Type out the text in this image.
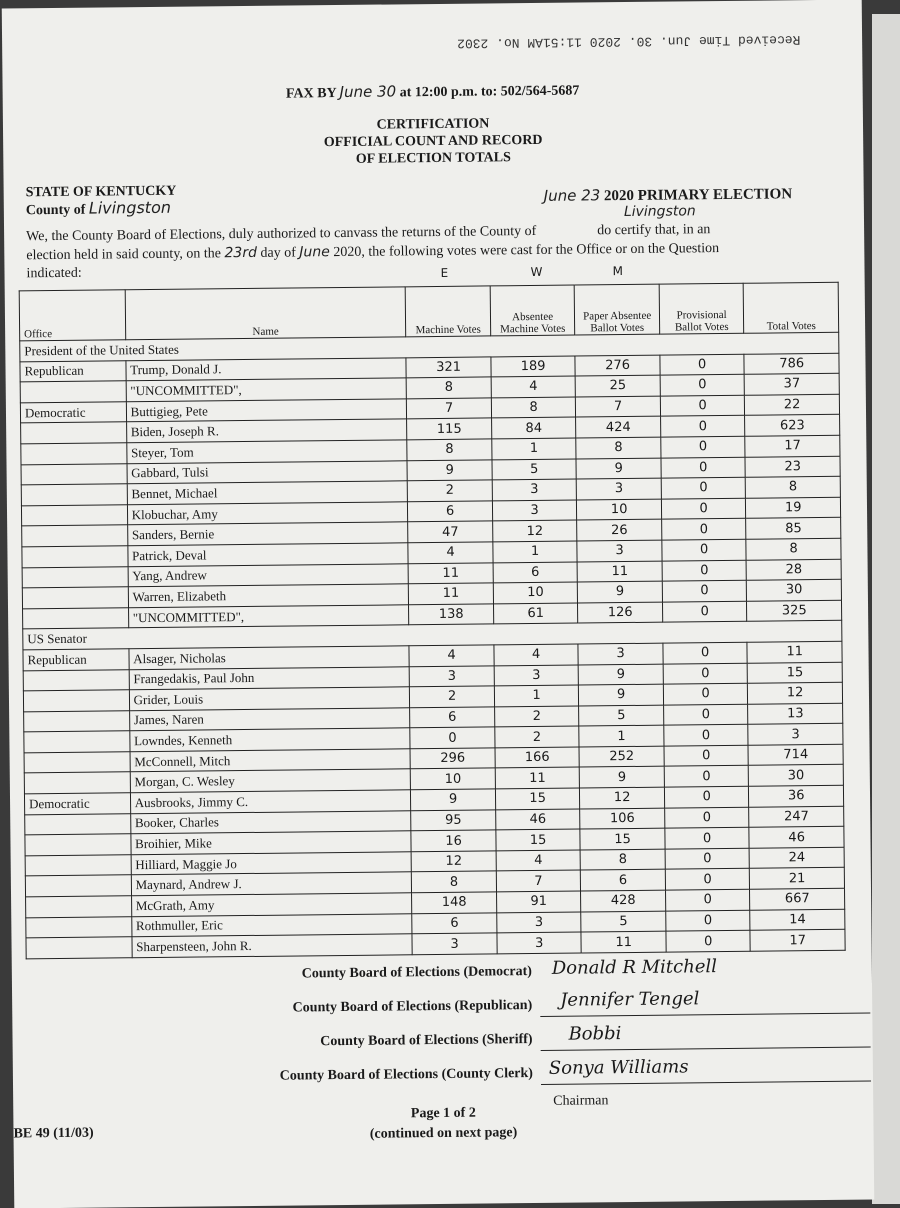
Received Time Jun. 30. 2020 11:51AM No. 2302
FAX BY June 30 at 12:00 p.m. to: 502/564-5687
CERTIFICATION
OFFICIAL COUNT AND RECORD
OF ELECTION TOTALS
STATE OF KENTUCKY
County of Livingston
June 23 2020 PRIMARY ELECTION
Livingston
We, the County Board of Elections, duly authorized to canvass the returns of the County of	do certify that, in an
election held in said county, on the 23rd day of June 2020, the following votes were cast for the Office or on the Question
indicated:	E	W	M
Office	Name	Machine Votes	Absentee Machine Votes	Paper Absentee Ballot Votes	Provisional Ballot Votes	Total Votes
President of the United States						
Republican	Trump, Donald J.	321	189	276	0	786
	"UNCOMMITTED",	8	4	25	0	37
Democratic	Buttigieg, Pete	7	8	7	0	22
	Biden, Joseph R.	115	84	424	0	623
	Steyer, Tom	8	1	8	0	17
	Gabbard, Tulsi	9	5	9	0	23
	Bennet, Michael	2	3	3	0	8
	Klobuchar, Amy	6	3	10	0	19
	Sanders, Bernie	47	12	26	0	85
	Patrick, Deval	4	1	3	0	8
	Yang, Andrew	11	6	11	0	28
	Warren, Elizabeth	11	10	9	0	30
	"UNCOMMITTED",	138	61	126	0	325
US Senator						
Republican	Alsager, Nicholas	4	4	3	0	11
	Frangedakis, Paul John	3	3	9	0	15
	Grider, Louis	2	1	9	0	12
	James, Naren	6	2	5	0	13
	Lowndes, Kenneth	0	2	1	0	3
	McConnell, Mitch	296	166	252	0	714
	Morgan, C. Wesley	10	11	9	0	30
Democratic	Ausbrooks, Jimmy C.	9	15	12	0	36
	Booker, Charles	95	46	106	0	247
	Broihier, Mike	16	15	15	0	46
	Hilliard, Maggie Jo	12	4	8	0	24
	Maynard, Andrew J.	8	7	6	0	21
	McGrath, Amy	148	91	428	0	667
	Rothmuller, Eric	6	3	5	0	14
	Sharpensteen, John R.	3	3	11	0	17
County Board of Elections (Democrat) Donald R Mitchell
County Board of Elections (Republican) Jennifer Tengel
County Board of Elections (Sheriff) Bobbi
County Board of Elections (County Clerk) Sonya Williams
Chairman
BE 49 (11/03)
Page 1 of 2
(continued on next page)
